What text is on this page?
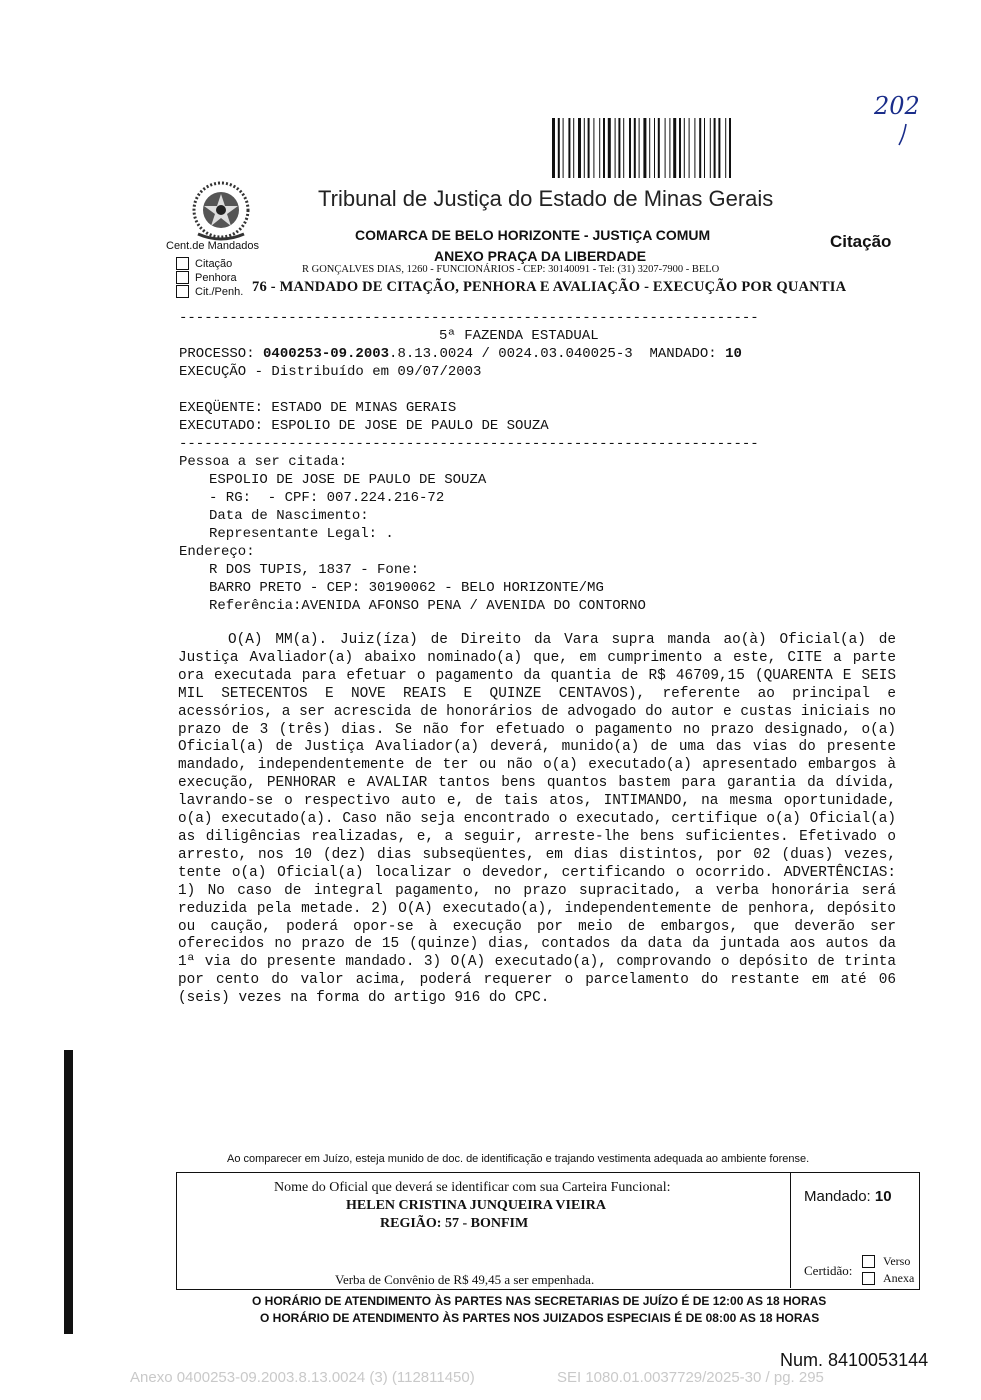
202
Tribunal de Justiça do Estado de Minas Gerais
COMARCA DE BELO HORIZONTE - JUSTIÇA COMUM
ANEXO PRAÇA DA LIBERDADE
R GONÇALVES DIAS, 1260 - FUNCIONÁRIOS - CEP: 30140091 - Tel: (31) 3207-7900 - BELO
Citação
Cent.de Mandados
Citação
Penhora
Cit./Penh. 76 - MANDADO DE CITAÇÃO, PENHORA E AVALIAÇÃO - EXECUÇÃO POR QUANTIA
---------------------------------------------------------------------
5ª FAZENDA ESTADUAL
PROCESSO: 0400253-09.2003.8.13.0024 / 0024.03.040025-3  MANDADO: 10
EXECUÇÃO - Distribuído em 09/07/2003
EXEQÜENTE: ESTADO DE MINAS GERAIS
EXECUTADO: ESPOLIO DE JOSE DE PAULO DE SOUZA
---------------------------------------------------------------------
Pessoa a ser citada:
ESPOLIO DE JOSE DE PAULO DE SOUZA
- RG:  - CPF: 007.224.216-72
Data de Nascimento:
Representante Legal: .
Endereço:
R DOS TUPIS, 1837 - Fone:
BARRO PRETO - CEP: 30190062 - BELO HORIZONTE/MG
Referência:AVENIDA AFONSO PENA / AVENIDA DO CONTORNO
O(A) MM(a). Juiz(íza) de Direito da Vara supra manda ao(à) Oficial(a) de Justiça Avaliador(a) abaixo nominado(a) que, em cumprimento a este, CITE a parte ora executada para efetuar o pagamento da quantia de R$ 46709,15 (QUARENTA E SEIS MIL SETECENTOS E NOVE REAIS E QUINZE CENTAVOS), referente ao principal e acessórios, a ser acrescida de honorários de advogado do autor e custas iniciais no prazo de 3 (três) dias. Se não for efetuado o pagamento no prazo designado, o(a) Oficial(a) de Justiça Avaliador(a) deverá, munido(a) de uma das vias do presente mandado, independentemente de ter ou não o(a) executado(a) apresentado embargos à execução, PENHORAR e AVALIAR tantos bens quantos bastem para garantia da dívida, lavrando-se o respectivo auto e, de tais atos, INTIMANDO, na mesma oportunidade, o(a) executado(a). Caso não seja encontrado o executado, certifique o(a) Oficial(a) as diligências realizadas, e, a seguir, arreste-lhe bens suficientes. Efetivado o arresto, nos 10 (dez) dias subseqüentes, em dias distintos, por 02 (duas) vezes, tente o(a) Oficial(a) localizar o devedor, certificando o ocorrido. ADVERTÊNCIAS: 1) No caso de integral pagamento, no prazo supracitado, a verba honorária será reduzida pela metade. 2) O(A) executado(a), independentemente de penhora, depósito ou caução, poderá opor-se à execução por meio de embargos, que deverão ser oferecidos no prazo de 15 (quinze) dias, contados da data da juntada aos autos da 1ª via do presente mandado. 3) O(A) executado(a), comprovando o depósito de trinta por cento do valor acima, poderá requerer o parcelamento do restante em até 06 (seis) vezes na forma do artigo 916 do CPC.
Ao comparecer em Juízo, esteja munido de doc. de identificação e trajando vestimenta adequada ao ambiente forense.
Nome do Oficial que deverá se identificar com sua Carteira Funcional:
HELEN CRISTINA JUNQUEIRA VIEIRA
REGIÃO: 57 - BONFIM
Mandado: 10
Verba de Convênio de R$ 49,45 a ser empenhada.
Certidão:
Verso
Anexa
O HORÁRIO DE ATENDIMENTO ÀS PARTES NAS SECRETARIAS DE JUÍZO É DE 12:00 AS 18 HORAS
O HORÁRIO DE ATENDIMENTO ÀS PARTES NOS JUIZADOS ESPECIAIS É DE 08:00 AS 18 HORAS
Num. 8410053144
Anexo 0400253-09.2003.8.13.0024 (3) (112811450)	SEI 1080.01.0037729/2025-30 / pg. 295
